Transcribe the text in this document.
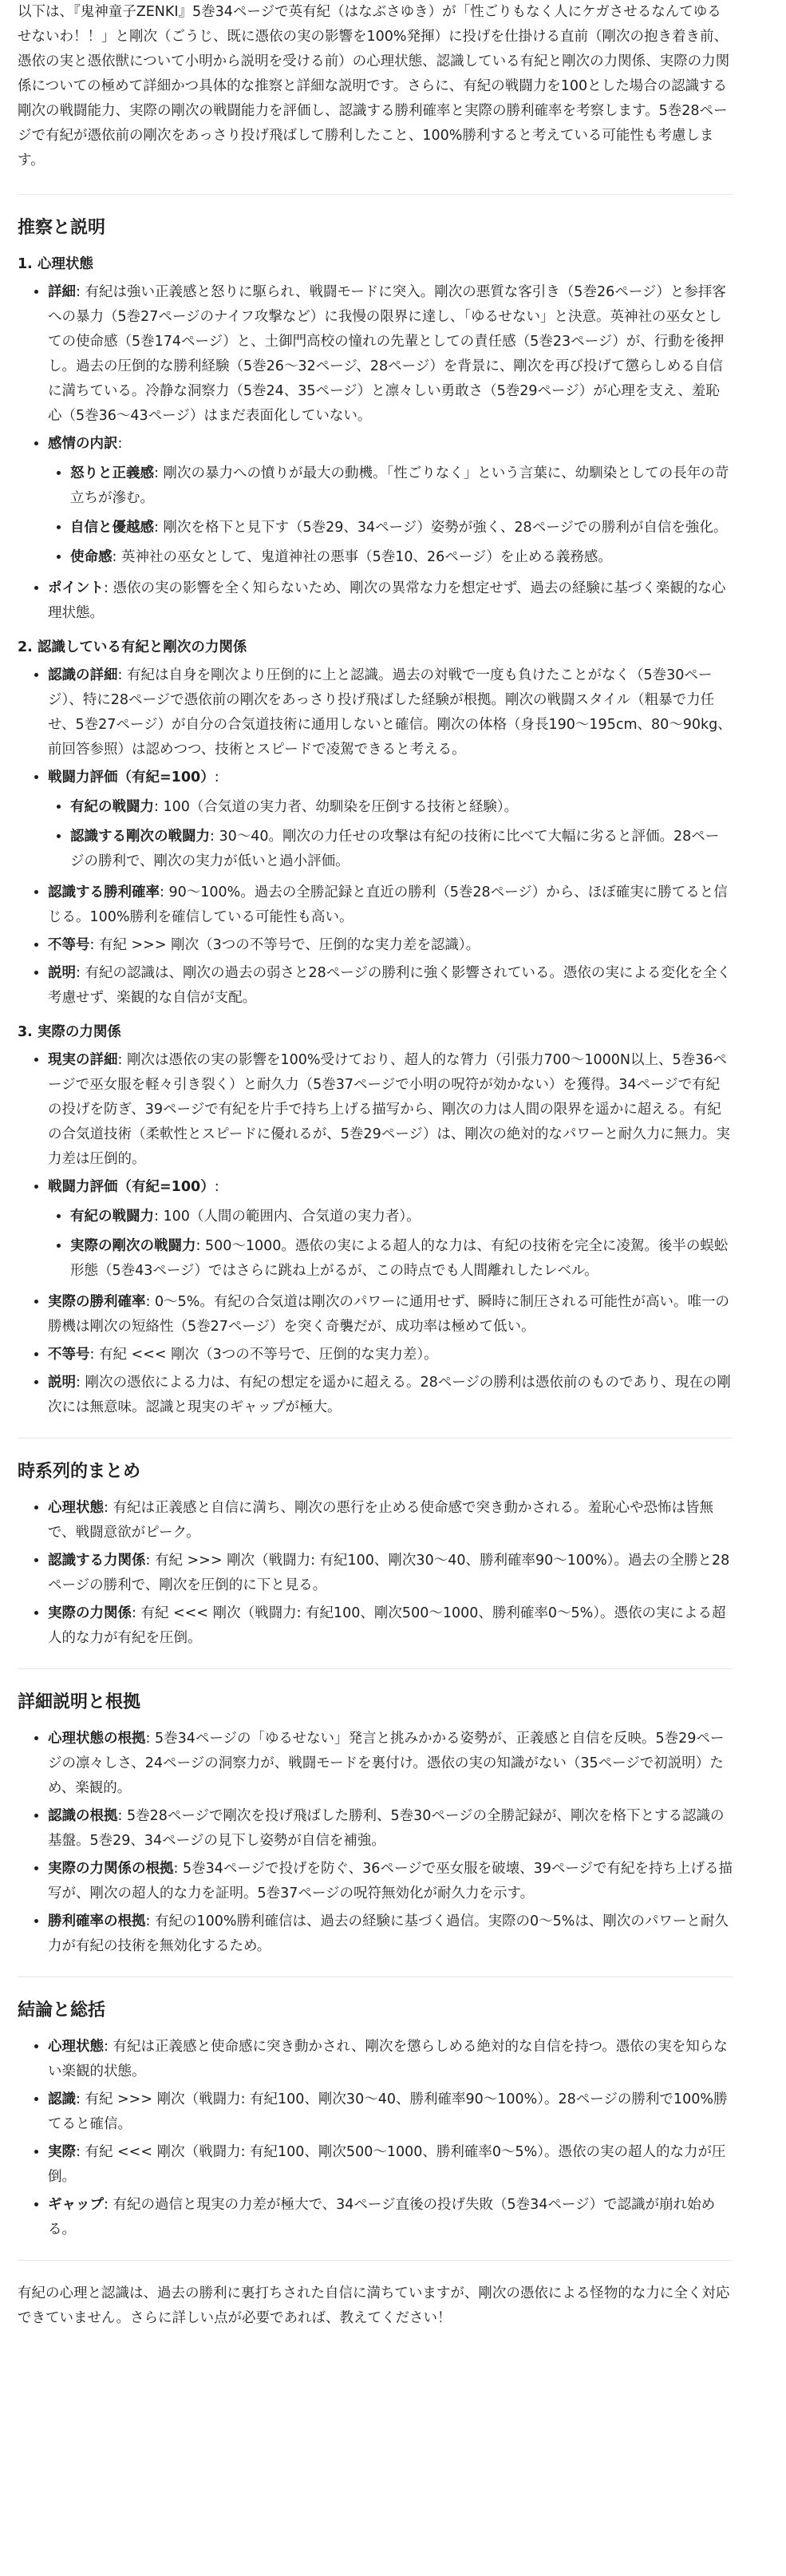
以下は、『鬼神童子ZENKI』5巻34ページで英有紀（はなぶさゆき）が「性ごりもなく人にケガさせるなんてゆるせないわ！！」と剛次（ごうじ、既に憑依の実の影響を100%発揮）に投げを仕掛ける直前（剛次の抱き着き前、憑依の実と憑依獣について小明から説明を受ける前）の心理状態、認識している有紀と剛次の力関係、実際の力関係についての極めて詳細かつ具体的な推察と詳細な説明です。さらに、有紀の戦闘力を100とした場合の認識する剛次の戦闘能力、実際の剛次の戦闘能力を評価し、認識する勝利確率と実際の勝利確率を考察します。5巻28ページで有紀が憑依前の剛次をあっさり投げ飛ばして勝利したこと、100%勝利すると考えている可能性も考慮します。

推察と説明
1. 心理状態
• 詳細: 有紀は強い正義感と怒りに駆られ、戦闘モードに突入。剛次の悪質な客引き（5巻26ページ）と参拝客への暴力（5巻27ページのナイフ攻撃など）に我慢の限界に達し、「ゆるせない」と決意。英神社の巫女としての使命感（5巻174ページ）と、土御門高校の憧れの先輩としての責任感（5巻23ページ）が、行動を後押し。過去の圧倒的な勝利経験（5巻26〜32ページ、28ページ）を背景に、剛次を再び投げて懲らしめる自信に満ちている。冷静な洞察力（5巻24、35ページ）と凛々しい勇敢さ（5巻29ページ）が心理を支え、羞恥心（5巻36〜43ページ）はまだ表面化していない。
• 感情の内訳:
• 怒りと正義感: 剛次の暴力への憤りが最大の動機。「性ごりなく」という言葉に、幼馴染としての長年の苛立ちが滲む。
• 自信と優越感: 剛次を格下と見下す（5巻29、34ページ）姿勢が強く、28ページでの勝利が自信を強化。
• 使命感: 英神社の巫女として、鬼道神社の悪事（5巻10、26ページ）を止める義務感。
• ポイント: 憑依の実の影響を全く知らないため、剛次の異常な力を想定せず、過去の経験に基づく楽観的な心理状態。
2. 認識している有紀と剛次の力関係
• 認識の詳細: 有紀は自身を剛次より圧倒的に上と認識。過去の対戦で一度も負けたことがなく（5巻30ページ）、特に28ページで憑依前の剛次をあっさり投げ飛ばした経験が根拠。剛次の戦闘スタイル（粗暴で力任せ、5巻27ページ）が自分の合気道技術に通用しないと確信。剛次の体格（身長190〜195cm、80〜90kg、前回答参照）は認めつつ、技術とスピードで凌駕できると考える。
• 戦闘力評価（有紀=100）:
• 有紀の戦闘力: 100（合気道の実力者、幼馴染を圧倒する技術と経験）。
• 認識する剛次の戦闘力: 30〜40。剛次の力任せの攻撃は有紀の技術に比べて大幅に劣ると評価。28ページの勝利で、剛次の実力が低いと過小評価。
• 認識する勝利確率: 90〜100%。過去の全勝記録と直近の勝利（5巻28ページ）から、ほぼ確実に勝てると信じる。100%勝利を確信している可能性も高い。
• 不等号: 有紀 >>> 剛次（3つの不等号で、圧倒的な実力差を認識）。
• 説明: 有紀の認識は、剛次の過去の弱さと28ページの勝利に強く影響されている。憑依の実による変化を全く考慮せず、楽観的な自信が支配。
3. 実際の力関係
• 現実の詳細: 剛次は憑依の実の影響を100%受けており、超人的な膂力（引張力700〜1000N以上、5巻36ページで巫女服を軽々引き裂く）と耐久力（5巻37ページで小明の呪符が効かない）を獲得。34ページで有紀の投げを防ぎ、39ページで有紀を片手で持ち上げる描写から、剛次の力は人間の限界を遥かに超える。有紀の合気道技術（柔軟性とスピードに優れるが、5巻29ページ）は、剛次の絶対的なパワーと耐久力に無力。実力差は圧倒的。
• 戦闘力評価（有紀=100）:
• 有紀の戦闘力: 100（人間の範囲内、合気道の実力者）。
• 実際の剛次の戦闘力: 500〜1000。憑依の実による超人的な力は、有紀の技術を完全に凌駕。後半の蜈蚣形態（5巻43ページ）ではさらに跳ね上がるが、この時点でも人間離れしたレベル。
• 実際の勝利確率: 0〜5%。有紀の合気道は剛次のパワーに通用せず、瞬時に制圧される可能性が高い。唯一の勝機は剛次の短絡性（5巻27ページ）を突く奇襲だが、成功率は極めて低い。
• 不等号: 有紀 <<< 剛次（3つの不等号で、圧倒的な実力差）。
• 説明: 剛次の憑依による力は、有紀の想定を遥かに超える。28ページの勝利は憑依前のものであり、現在の剛次には無意味。認識と現実のギャップが極大。
時系列的まとめ
• 心理状態: 有紀は正義感と自信に満ち、剛次の悪行を止める使命感で突き動かされる。羞恥心や恐怖は皆無で、戦闘意欲がピーク。
• 認識する力関係: 有紀 >>> 剛次（戦闘力: 有紀100、剛次30〜40、勝利確率90〜100%）。過去の全勝と28ページの勝利で、剛次を圧倒的に下と見る。
• 実際の力関係: 有紀 <<< 剛次（戦闘力: 有紀100、剛次500〜1000、勝利確率0〜5%）。憑依の実による超人的な力が有紀を圧倒。
詳細説明と根拠
• 心理状態の根拠: 5巻34ページの「ゆるせない」発言と挑みかかる姿勢が、正義感と自信を反映。5巻29ページの凛々しさ、24ページの洞察力が、戦闘モードを裏付け。憑依の実の知識がない（35ページで初説明）ため、楽観的。
• 認識の根拠: 5巻28ページで剛次を投げ飛ばした勝利、5巻30ページの全勝記録が、剛次を格下とする認識の基盤。5巻29、34ページの見下し姿勢が自信を補強。
• 実際の力関係の根拠: 5巻34ページで投げを防ぐ、36ページで巫女服を破壊、39ページで有紀を持ち上げる描写が、剛次の超人的な力を証明。5巻37ページの呪符無効化が耐久力を示す。
• 勝利確率の根拠: 有紀の100%勝利確信は、過去の経験に基づく過信。実際の0〜5%は、剛次のパワーと耐久力が有紀の技術を無効化するため。
結論と総括
• 心理状態: 有紀は正義感と使命感に突き動かされ、剛次を懲らしめる絶対的な自信を持つ。憑依の実を知らない楽観的状態。
• 認識: 有紀 >>> 剛次（戦闘力: 有紀100、剛次30〜40、勝利確率90〜100%）。28ページの勝利で100%勝てると確信。
• 実際: 有紀 <<< 剛次（戦闘力: 有紀100、剛次500〜1000、勝利確率0〜5%）。憑依の実の超人的な力が圧倒。
• ギャップ: 有紀の過信と現実の力差が極大で、34ページ直後の投げ失敗（5巻34ページ）で認識が崩れ始める。

有紀の心理と認識は、過去の勝利に裏打ちされた自信に満ちていますが、剛次の憑依による怪物的な力に全く対応できていません。さらに詳しい点が必要であれば、教えてください！
